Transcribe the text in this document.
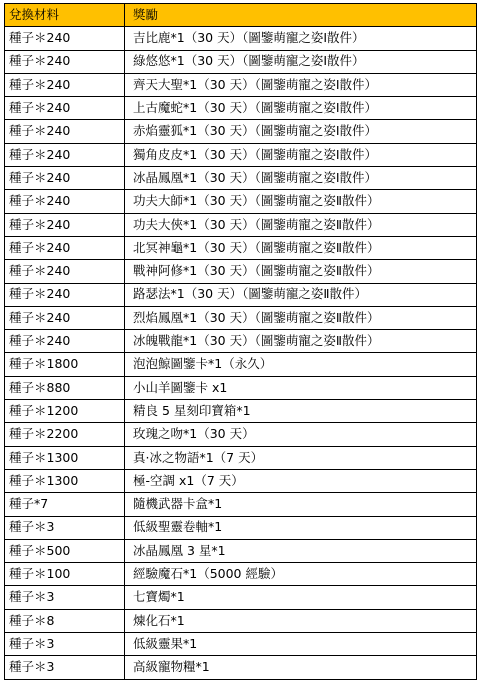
兌換材料	獎勵
種子＊240	吉比鹿*1（30 天）（圖鑒萌寵之姿Ⅰ散件）
種子＊240	綠悠悠*1（30 天）（圖鑒萌寵之姿Ⅰ散件）
種子＊240	齊天大聖*1（30 天）（圖鑒萌寵之姿Ⅰ散件）
種子＊240	上古魔蛇*1（30 天）（圖鑒萌寵之姿Ⅰ散件）
種子＊240	赤焰靈狐*1（30 天）（圖鑒萌寵之姿Ⅰ散件）
種子＊240	獨角皮皮*1（30 天）（圖鑒萌寵之姿Ⅰ散件）
種子＊240	冰晶鳳凰*1（30 天）（圖鑒萌寵之姿Ⅰ散件）
種子＊240	功夫大師*1（30 天）（圖鑒萌寵之姿Ⅱ散件）
種子＊240	功夫大俠*1（30 天）（圖鑒萌寵之姿Ⅱ散件）
種子＊240	北冥神龜*1（30 天）（圖鑒萌寵之姿Ⅱ散件）
種子＊240	戰神阿修*1（30 天）（圖鑒萌寵之姿Ⅱ散件）
種子＊240	路瑟法*1（30 天）（圖鑒萌寵之姿Ⅱ散件）
種子＊240	烈焰鳳凰*1（30 天）（圖鑒萌寵之姿Ⅱ散件）
種子＊240	冰魄戰龍*1（30 天）（圖鑒萌寵之姿Ⅱ散件）
種子＊1800	泡泡鯨圖鑒卡*1（永久）
種子＊880	小山羊圖鑒卡 x1
種子＊1200	精良 5 星刻印寶箱*1
種子＊2200	玫瑰之吻*1（30 天）
種子＊1300	真·冰之物語*1（7 天）
種子＊1300	極-空調 x1（7 天）
種子*7	隨機武器卡盒*1
種子＊3	低級聖靈卷軸*1
種子＊500	冰晶鳳凰 3 星*1
種子＊100	經驗魔石*1（5000 經驗）
種子＊3	七寶燭*1
種子＊8	煉化石*1
種子＊3	低級靈果*1
種子＊3	高級寵物糧*1
